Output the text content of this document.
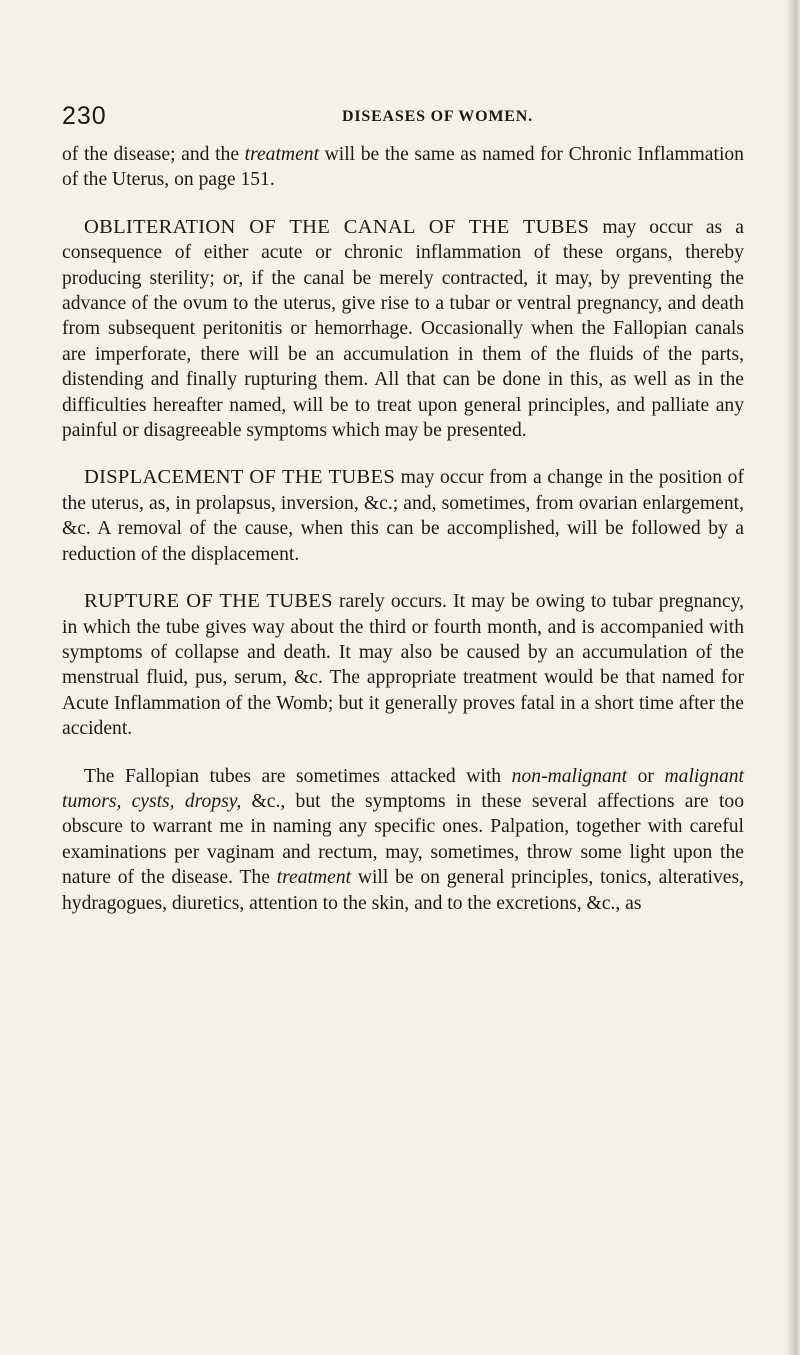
230	DISEASES OF WOMEN.

of the disease; and the treatment will be the same as named for Chronic Inflammation of the Uterus, on page 151.

OBLITERATION OF THE CANAL OF THE TUBES may occur as a consequence of either acute or chronic inflammation of these organs, thereby producing sterility; or, if the canal be merely contracted, it may, by preventing the advance of the ovum to the uterus, give rise to a tubar or ventral pregnancy, and death from subsequent peritonitis or hemorrhage. Occasionally when the Fallopian canals are imperforate, there will be an accumulation in them of the fluids of the parts, distending and finally rupturing them. All that can be done in this, as well as in the difficulties hereafter named, will be to treat upon general principles, and palliate any painful or disagreeable symptoms which may be presented.

DISPLACEMENT OF THE TUBES may occur from a change in the position of the uterus, as, in prolapsus, inversion, &c.; and, sometimes, from ovarian enlargement, &c. A removal of the cause, when this can be accomplished, will be followed by a reduction of the displacement.

RUPTURE OF THE TUBES rarely occurs. It may be owing to tubar pregnancy, in which the tube gives way about the third or fourth month, and is accompanied with symptoms of collapse and death. It may also be caused by an accumulation of the menstrual fluid, pus, serum, &c. The appropriate treatment would be that named for Acute Inflammation of the Womb; but it generally proves fatal in a short time after the accident.

The Fallopian tubes are sometimes attacked with non-malignant or malignant tumors, cysts, dropsy, &c., but the symptoms in these several affections are too obscure to warrant me in naming any specific ones. Palpation, together with careful examinations per vaginam and rectum, may, sometimes, throw some light upon the nature of the disease. The treatment will be on general principles, tonics, alteratives, hydragogues, diuretics, attention to the skin, and to the excretions, &c., as
